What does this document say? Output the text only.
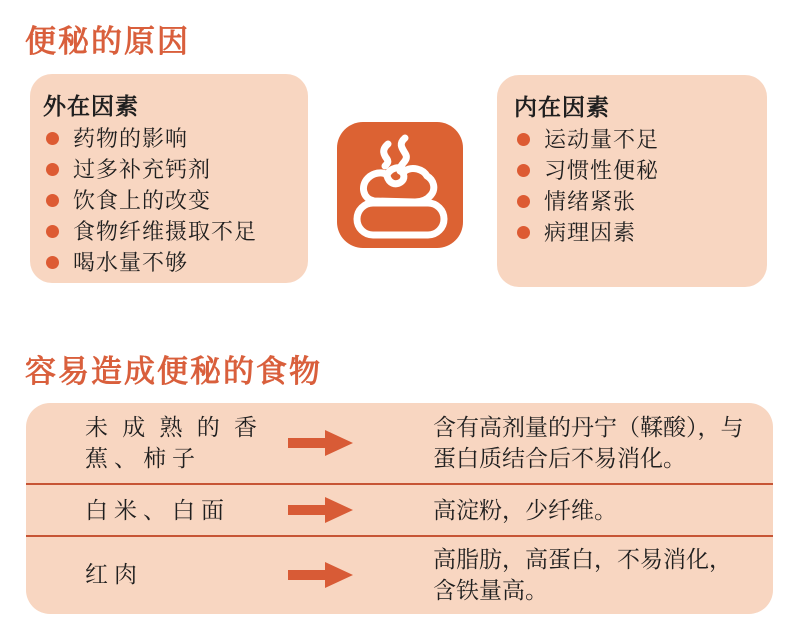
便秘的原因
外在因素
药物的影响
过多补充钙剂
饮食上的改变
食物纤维摄取不足
喝水量不够
内在因素
运动量不足
习惯性便秘
情绪紧张
病理因素
容易造成便秘的食物
未成熟的香蕉、柿子
含有高剂量的丹宁（鞣酸），与蛋白质结合后不易消化。
白米、白面	高淀粉，少纤维。
红肉
高脂肪，高蛋白，不易消化，含铁量高。
